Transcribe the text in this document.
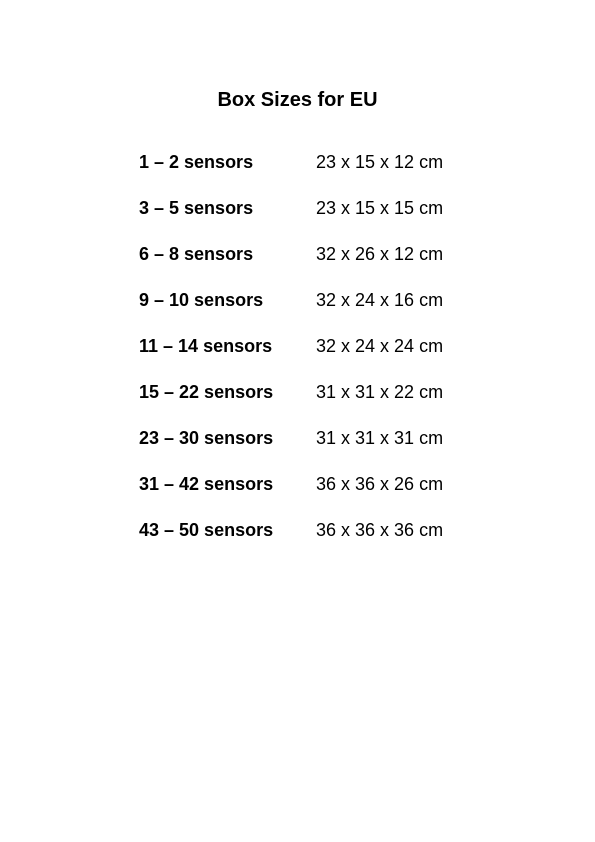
Box Sizes for EU
1 – 2 sensors	23 x 15 x 12 cm
3 – 5 sensors	23 x 15 x 15 cm
6 – 8 sensors	32 x 26 x 12 cm
9 – 10 sensors	32 x 24 x 16 cm
11 – 14 sensors 32 x 24 x 24 cm
15 – 22 sensors 31 x 31 x 22 cm
23 – 30 sensors 31 x 31 x 31 cm
31 – 42 sensors 36 x 36 x 26 cm
43 – 50 sensors 36 x 36 x 36 cm
